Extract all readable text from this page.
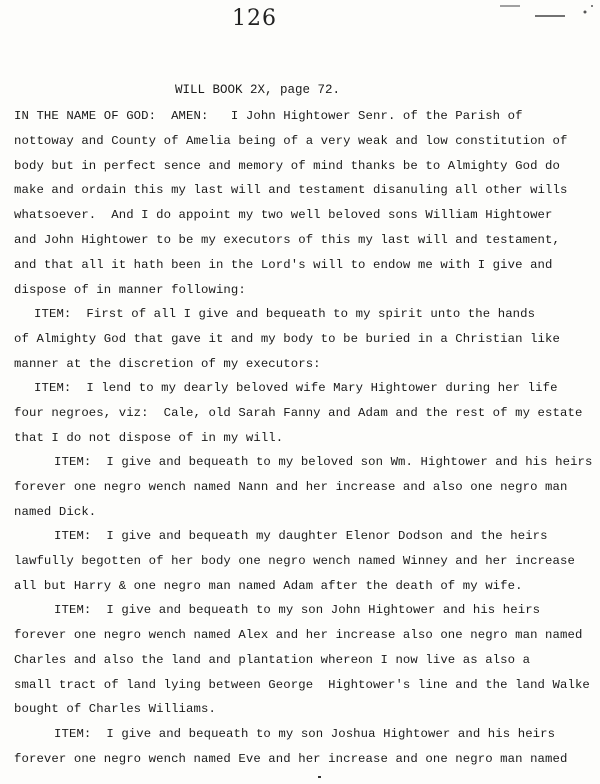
126
WILL BOOK 2X, page 72.
IN THE NAME OF GOD:  AMEN:   I John Hightower Senr. of the Parish of
nottoway and County of Amelia being of a very weak and low constitution of
body but in perfect sence and memory of mind thanks be to Almighty God do
make and ordain this my last will and testament disanuling all other wills
whatsoever.  And I do appoint my two well beloved sons William Hightower
and John Hightower to be my executors of this my last will and testament,
and that all it hath been in the Lord's will to endow me with I give and
dispose of in manner following:
ITEM:  First of all I give and bequeath to my spirit unto the hands
of Almighty God that gave it and my body to be buried in a Christian like
manner at the discretion of my executors:
ITEM:  I lend to my dearly beloved wife Mary Hightower during her life
four negroes, viz:  Cale, old Sarah Fanny and Adam and the rest of my estate
that I do not dispose of in my will.
ITEM:  I give and bequeath to my beloved son Wm. Hightower and his heirs
forever one negro wench named Nann and her increase and also one negro man
named Dick.
ITEM:  I give and bequeath my daughter Elenor Dodson and the heirs
lawfully begotten of her body one negro wench named Winney and her increase
all but Harry & one negro man named Adam after the death of my wife.
ITEM:  I give and bequeath to my son John Hightower and his heirs
forever one negro wench named Alex and her increase also one negro man named
Charles and also the land and plantation whereon I now live as also a
small tract of land lying between George  Hightower's line and the land Walke
bought of Charles Williams.
ITEM:  I give and bequeath to my son Joshua Hightower and his heirs
forever one negro wench named Eve and her increase and one negro man named
